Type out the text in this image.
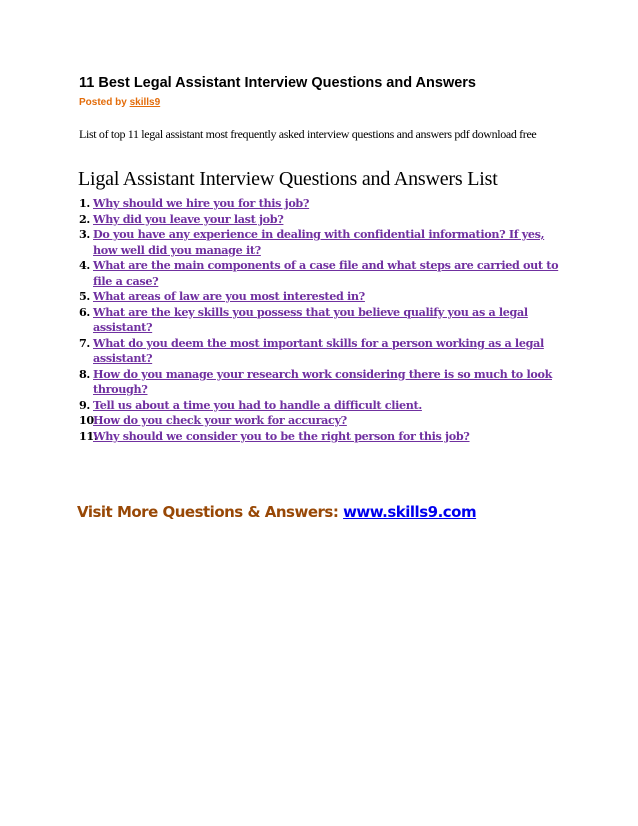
11 Best Legal Assistant Interview Questions and Answers
Posted by skills9
List of top 11 legal assistant most frequently asked interview questions and answers pdf download free
Ligal Assistant Interview Questions and Answers List
1. Why should we hire you for this job?
2. Why did you leave your last job?
3. Do you have any experience in dealing with confidential information? If yes, how well did you manage it?
4. What are the main components of a case file and what steps are carried out to file a case?
5. What areas of law are you most interested in?
6. What are the key skills you possess that you believe qualify you as a legal assistant?
7. What do you deem the most important skills for a person working as a legal assistant?
8. How do you manage your research work considering there is so much to look through?
9. Tell us about a time you had to handle a difficult client.
10.
How do you check your work for accuracy?
11.
Why should we consider you to be the right person for this job?
Visit More Questions & Answers: www.skills9.com
